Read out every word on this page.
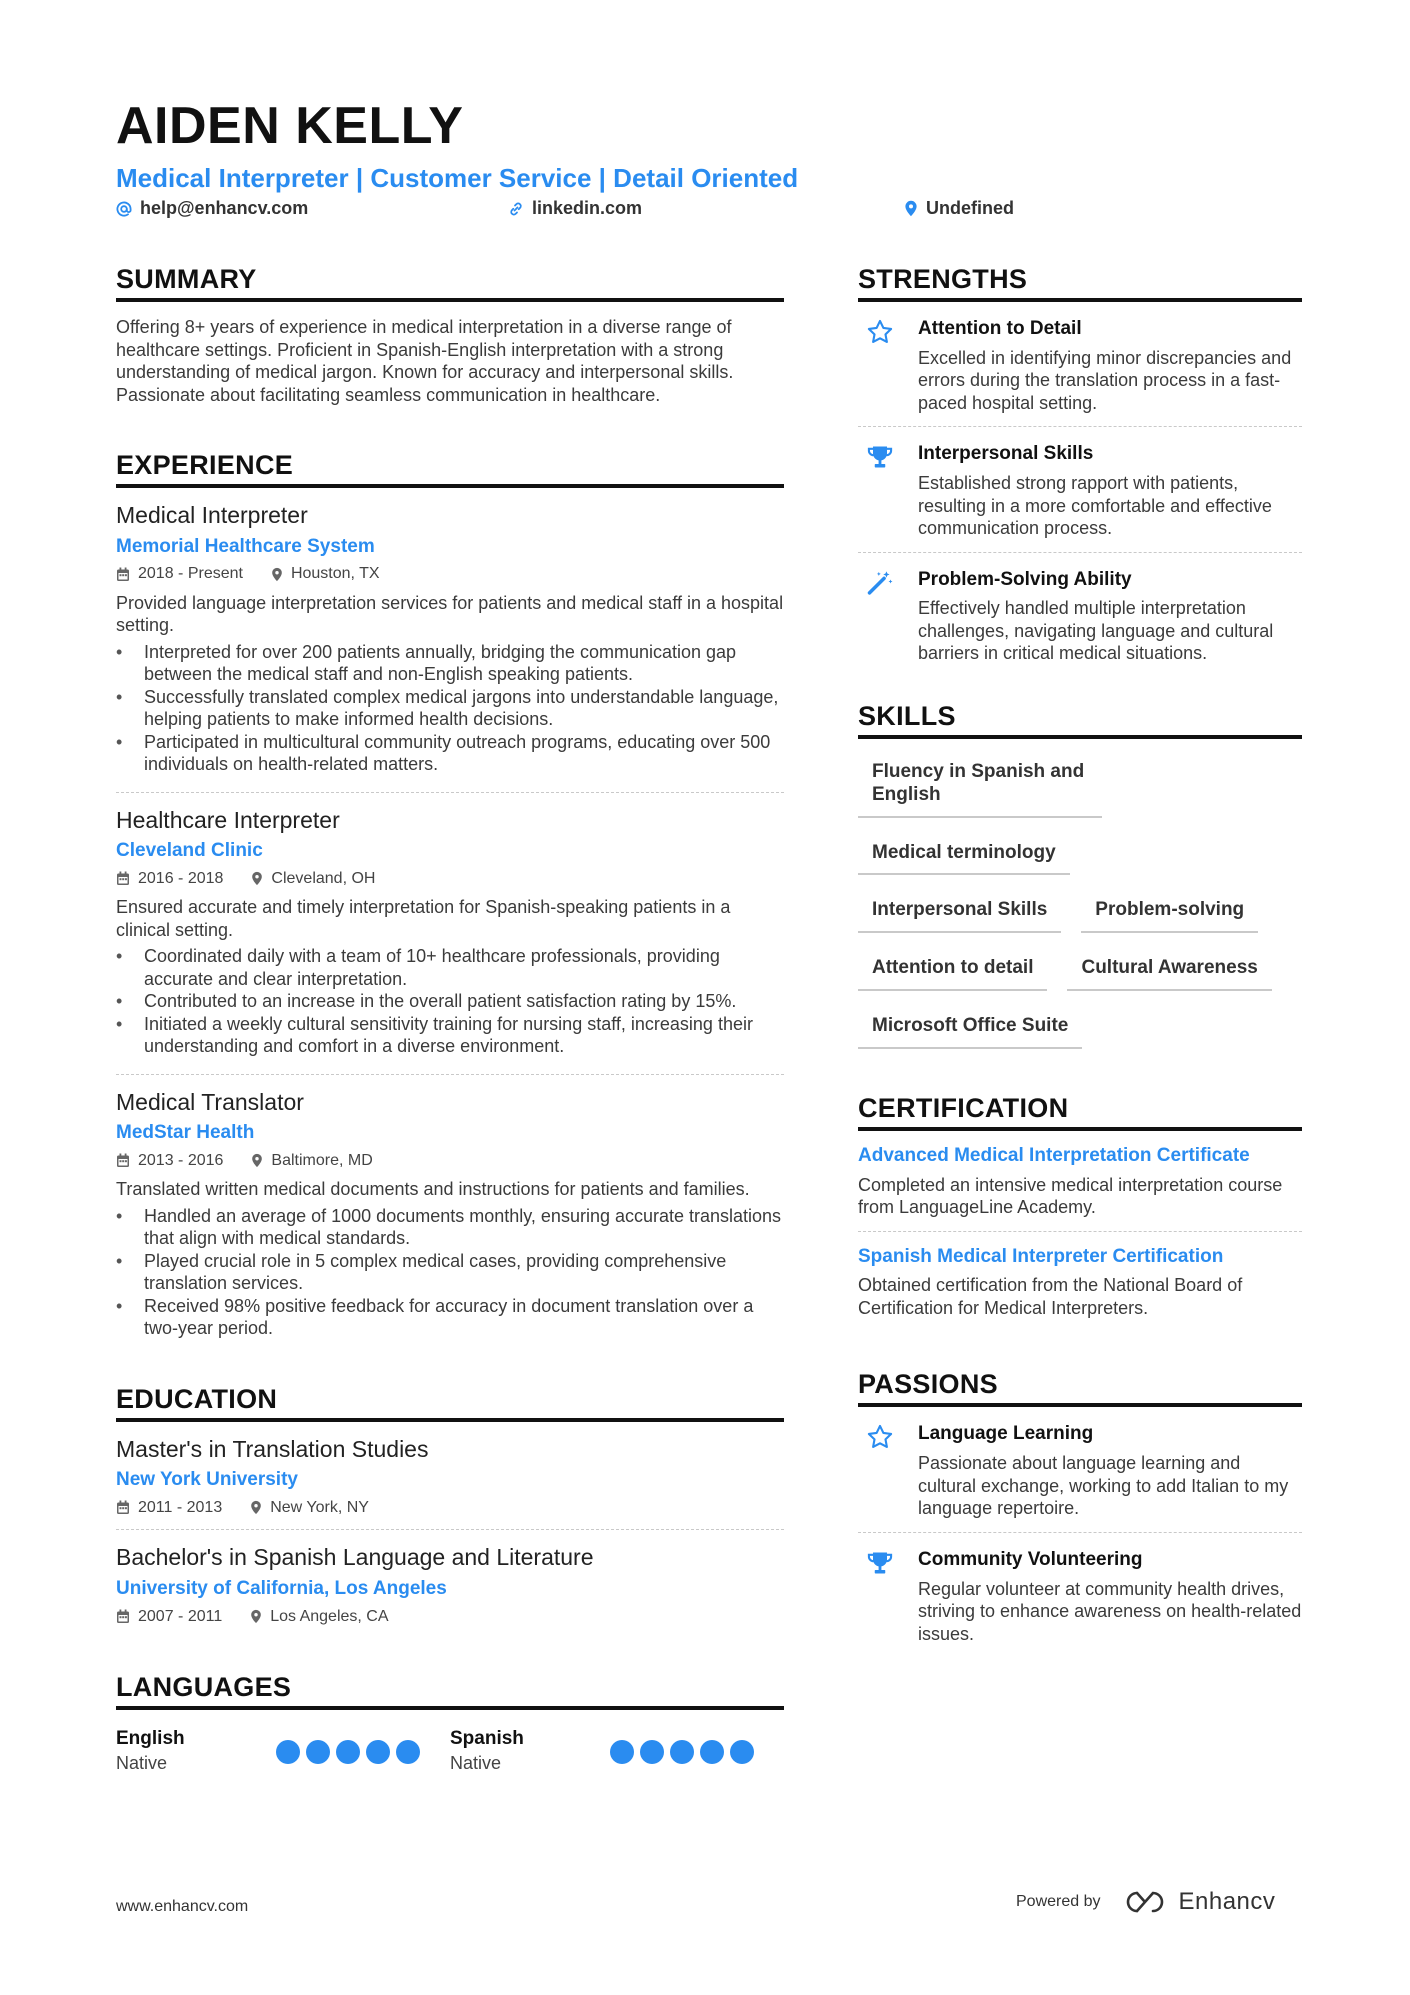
AIDEN KELLY
Medical Interpreter | Customer Service | Detail Oriented
help@enhancv.com	linkedin.com	Undefined
SUMMARY

Offering 8+ years of experience in medical interpretation in a diverse range of healthcare settings. Proficient in Spanish-English interpretation with a strong understanding of medical jargon. Known for accuracy and interpersonal skills. Passionate about facilitating seamless communication in healthcare.

EXPERIENCE
Medical Interpreter
Memorial Healthcare System
2018 - Present	Houston, TX

Provided language interpretation services for patients and medical staff in a hospital setting.

• Interpreted for over 200 patients annually, bridging the communication gap between the medical staff and non-English speaking patients.
• Successfully translated complex medical jargons into understandable language, helping patients to make informed health decisions.
• Participated in multicultural community outreach programs, educating over 500 individuals on health-related matters.
Healthcare Interpreter
Cleveland Clinic
2016 - 2018	Cleveland, OH

Ensured accurate and timely interpretation for Spanish-speaking patients in a clinical setting.

• Coordinated daily with a team of 10+ healthcare professionals, providing accurate and clear interpretation.
• Contributed to an increase in the overall patient satisfaction rating by 15%.
• Initiated a weekly cultural sensitivity training for nursing staff, increasing their understanding and comfort in a diverse environment.
Medical Translator
MedStar Health
2013 - 2016	Baltimore, MD

Translated written medical documents and instructions for patients and families.

• Handled an average of 1000 documents monthly, ensuring accurate translations that align with medical standards.
• Played crucial role in 5 complex medical cases, providing comprehensive translation services.
• Received 98% positive feedback for accuracy in document translation over a two-year period.
EDUCATION
Master's in Translation Studies
New York University
2011 - 2013	New York, NY
Bachelor's in Spanish Language and Literature
University of California, Los Angeles
2007 - 2011	Los Angeles, CA
LANGUAGES
English
Native
Spanish
Native
STRENGTHS
Attention to Detail
Excelled in identifying minor discrepancies and errors during the translation process in a fast-paced hospital setting.
Interpersonal Skills
Established strong rapport with patients, resulting in a more comfortable and effective communication process.
Problem-Solving Ability
Effectively handled multiple interpretation challenges, navigating language and cultural barriers in critical medical situations.
SKILLS
Fluency in Spanish and English
Medical terminology
Interpersonal Skills	Problem-solving
Attention to detail	Cultural Awareness
Microsoft Office Suite
CERTIFICATION
Advanced Medical Interpretation Certificate
Completed an intensive medical interpretation course from LanguageLine Academy.
Spanish Medical Interpreter Certification
Obtained certification from the National Board of Certification for Medical Interpreters.
PASSIONS
Language Learning
Passionate about language learning and cultural exchange, working to add Italian to my language repertoire.
Community Volunteering
Regular volunteer at community health drives, striving to enhance awareness on health-related issues.
www.enhancv.com	Powered by	Enhancv
